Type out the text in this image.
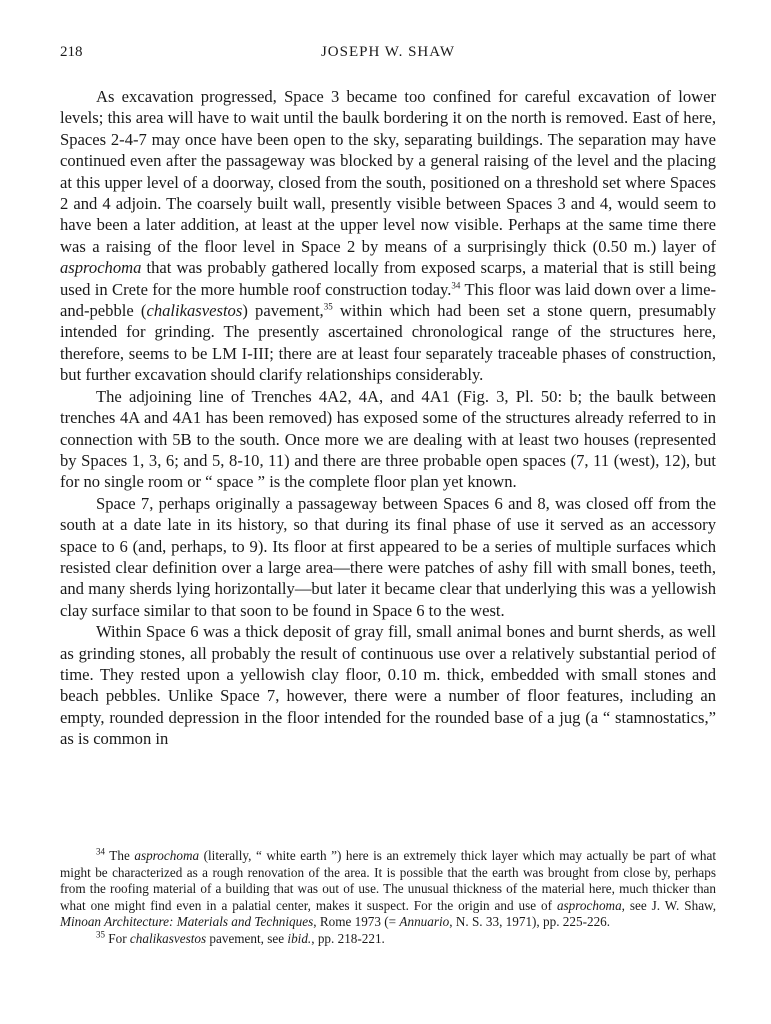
218	JOSEPH W. SHAW

As excavation progressed, Space 3 became too confined for careful excavation of lower levels; this area will have to wait until the baulk bordering it on the north is removed. East of here, Spaces 2-4-7 may once have been open to the sky, separating buildings. The separation may have continued even after the passageway was blocked by a general raising of the level and the placing at this upper level of a doorway, closed from the south, positioned on a threshold set where Spaces 2 and 4 adjoin. The coarsely built wall, presently visible between Spaces 3 and 4, would seem to have been a later addition, at least at the upper level now visible. Perhaps at the same time there was a raising of the floor level in Space 2 by means of a surprisingly thick (0.50 m.) layer of asprochoma that was probably gathered locally from exposed scarps, a material that is still being used in Crete for the more humble roof construction today.$^{34}$ This floor was laid down over a lime-and-pebble (chalikasvestos) pavement,$^{35}$ within which had been set a stone quern, presumably intended for grinding. The presently ascertained chronological range of the structures here, therefore, seems to be LM I-III; there are at least four separately traceable phases of construction, but further excavation should clarify relationships considerably.

The adjoining line of Trenches 4A2, 4A, and 4A1 (Fig. 3, Pl. 50: b; the baulk between trenches 4A and 4A1 has been removed) has exposed some of the structures already referred to in connection with 5B to the south. Once more we are dealing with at least two houses (represented by Spaces 1, 3, 6; and 5, 8-10, 11) and there are three probable open spaces (7, 11 (west), 12), but for no single room or “ space ” is the complete floor plan yet known.

Space 7, perhaps originally a passageway between Spaces 6 and 8, was closed off from the south at a date late in its history, so that during its final phase of use it served as an accessory space to 6 (and, perhaps, to 9). Its floor at first appeared to be a series of multiple surfaces which resisted clear definition over a large area—there were patches of ashy fill with small bones, teeth, and many sherds lying horizontally—but later it became clear that underlying this was a yellowish clay surface similar to that soon to be found in Space 6 to the west.

Within Space 6 was a thick deposit of gray fill, small animal bones and burnt sherds, as well as grinding stones, all probably the result of continuous use over a relatively substantial period of time. They rested upon a yellowish clay floor, 0.10 m. thick, embedded with small stones and beach pebbles. Unlike Space 7, however, there were a number of floor features, including an empty, rounded depression in the floor intended for the rounded base of a jug (a “ stamnostatics,” as is common in

$^{34}$ The asprochoma (literally, “ white earth ”) here is an extremely thick layer which may actually be part of what might be characterized as a rough renovation of the area. It is possible that the earth was brought from close by, perhaps from the roofing material of a building that was out of use. The unusual thickness of the material here, much thicker than what one might find even in a palatial center, makes it suspect. For the origin and use of asprochoma, see J. W. Shaw, Minoan Architecture: Materials and Techniques, Rome 1973 (= Annuario, N. S. 33, 1971), pp. 225-226.

$^{35}$ For chalikasvestos pavement, see ibid., pp. 218-221.
